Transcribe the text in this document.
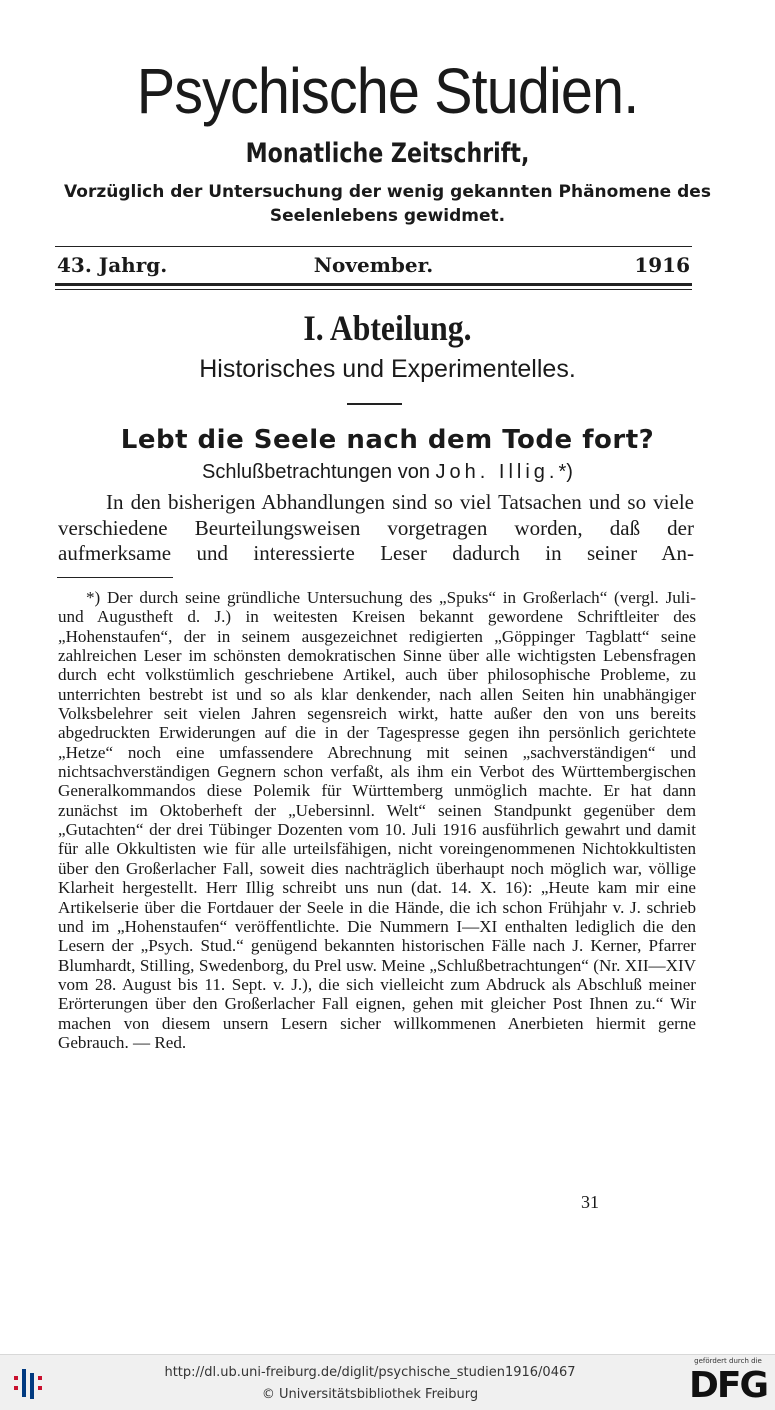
Psychische Studien.
Monatliche Zeitschrift,
Vorzüglich der Untersuchung der wenig gekannten Phänomene des Seelenlebens gewidmet.
43. Jahrg.	November.	1916
I. Abteilung.
Historisches und Experimentelles.
Lebt die Seele nach dem Tode fort?
Schlußbetrachtungen von Joh. Illig.*)
In den bisherigen Abhandlungen sind so viel Tatsachen und so viele verschiedene Beurteilungsweisen vorgetragen worden, daß der aufmerksame und interessierte Leser dadurch in seiner An-
*) Der durch seine gründliche Untersuchung des „Spuks“ in Großerlach“ (vergl. Juli- und Augustheft d. J.) in weitesten Kreisen bekannt gewordene Schriftleiter des „Hohenstaufen“, der in seinem ausgezeichnet redigierten „Göppinger Tagblatt“ seine zahlreichen Leser im schönsten demokratischen Sinne über alle wichtigsten Lebensfragen durch echt volkstümlich geschriebene Artikel, auch über philosophische Probleme, zu unterrichten bestrebt ist und so als klar denkender, nach allen Seiten hin unabhängiger Volksbelehrer seit vielen Jahren segensreich wirkt, hatte außer den von uns bereits abgedruckten Erwiderungen auf die in der Tagespresse gegen ihn persönlich gerichtete „Hetze“ noch eine umfassendere Abrechnung mit seinen „sachverständigen“ und nichtsachverständigen Gegnern schon verfaßt, als ihm ein Verbot des Württembergischen Generalkommandos diese Polemik für Württemberg unmöglich machte. Er hat dann zunächst im Oktoberheft der „Uebersinnl. Welt“ seinen Standpunkt gegenüber dem „Gutachten“ der drei Tübinger Dozenten vom 10. Juli 1916 ausführlich gewahrt und damit für alle Okkultisten wie für alle urteilsfähigen, nicht voreingenommenen Nichtokkultisten über den Großerlacher Fall, soweit dies nachträglich überhaupt noch möglich war, völlige Klarheit hergestellt. Herr Illig schreibt uns nun (dat. 14. X. 16): „Heute kam mir eine Artikelserie über die Fortdauer der Seele in die Hände, die ich schon Frühjahr v. J. schrieb und im „Hohenstaufen“ veröffentlichte. Die Nummern I—XI enthalten lediglich die den Lesern der „Psych. Stud.“ genügend bekannten historischen Fälle nach J. Kerner, Pfarrer Blumhardt, Stilling, Swedenborg, du Prel usw. Meine „Schlußbetrachtungen“ (Nr. XII—XIV vom 28. August bis 11. Sept. v. J.), die sich vielleicht zum Abdruck als Abschluß meiner Erörterungen über den Großerlacher Fall eignen, gehen mit gleicher Post Ihnen zu.“ Wir machen von diesem unsern Lesern sicher willkommenen Anerbieten hiermit gerne Gebrauch. — Red.
31
http://dl.ub.uni-freiburg.de/diglit/psychische_studien1916/0467
© Universitätsbibliothek Freiburg
gefördert durch die
DFG
